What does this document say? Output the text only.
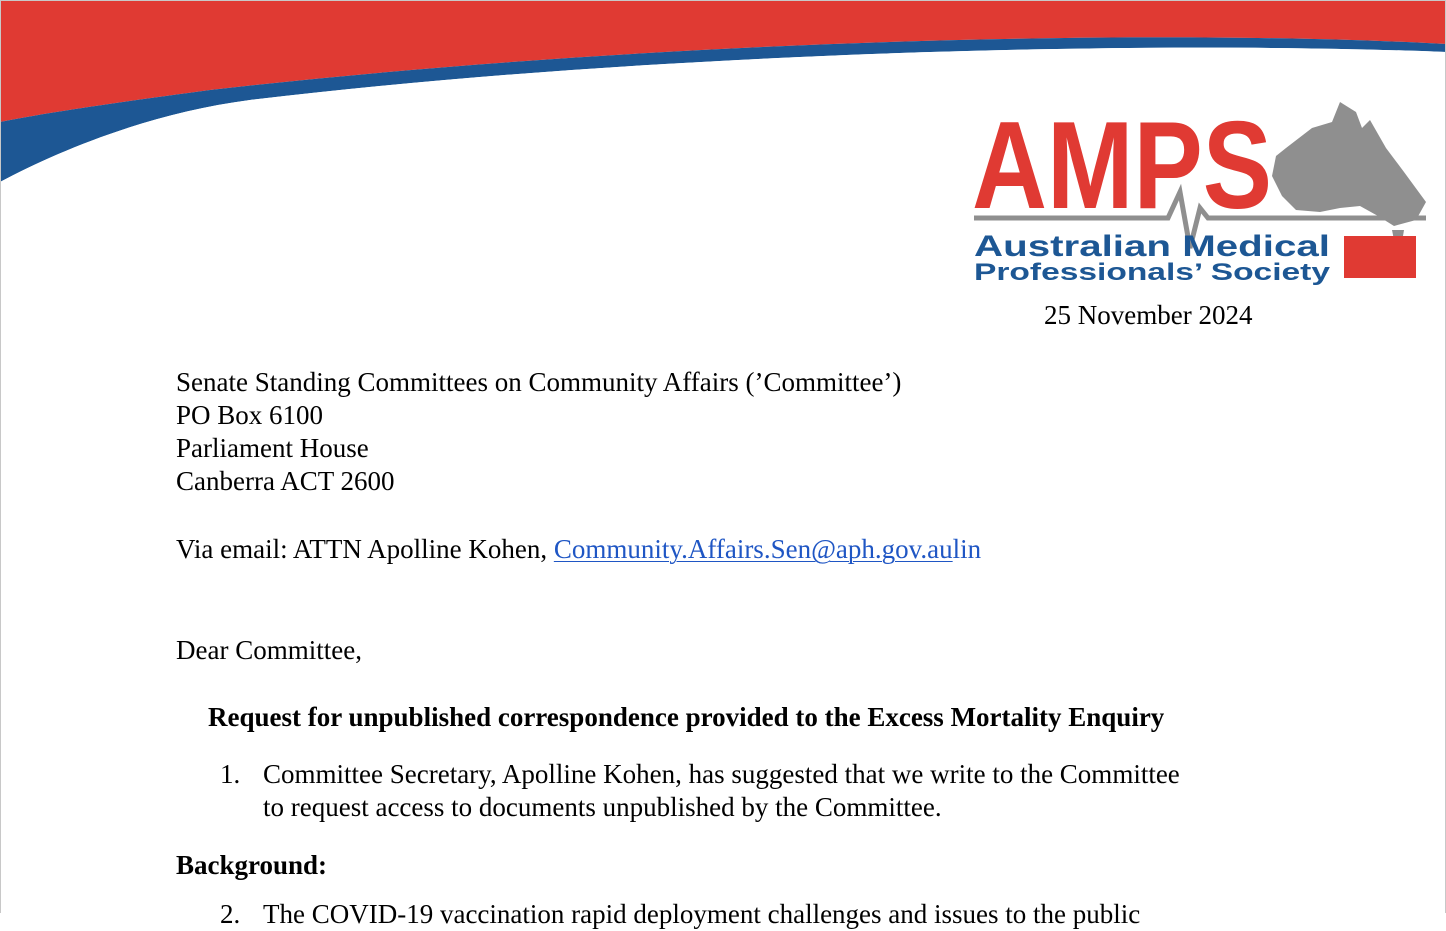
AMPS
Australian Medical
Professionals’ Society
25 November 2024
Senate Standing Committees on Community Affairs (’Committee’)
PO Box 6100
Parliament House
Canberra ACT 2600
Via email: ATTN Apolline Kohen, Community.Affairs.Sen@aph.gov.aulin
Dear Committee,
Request for unpublished correspondence provided to the Excess Mortality Enquiry
1. Committee Secretary, Apolline Kohen, has suggested that we write to the Committee
to request access to documents unpublished by the Committee.
Background:
2. The COVID-19 vaccination rapid deployment challenges and issues to the public
